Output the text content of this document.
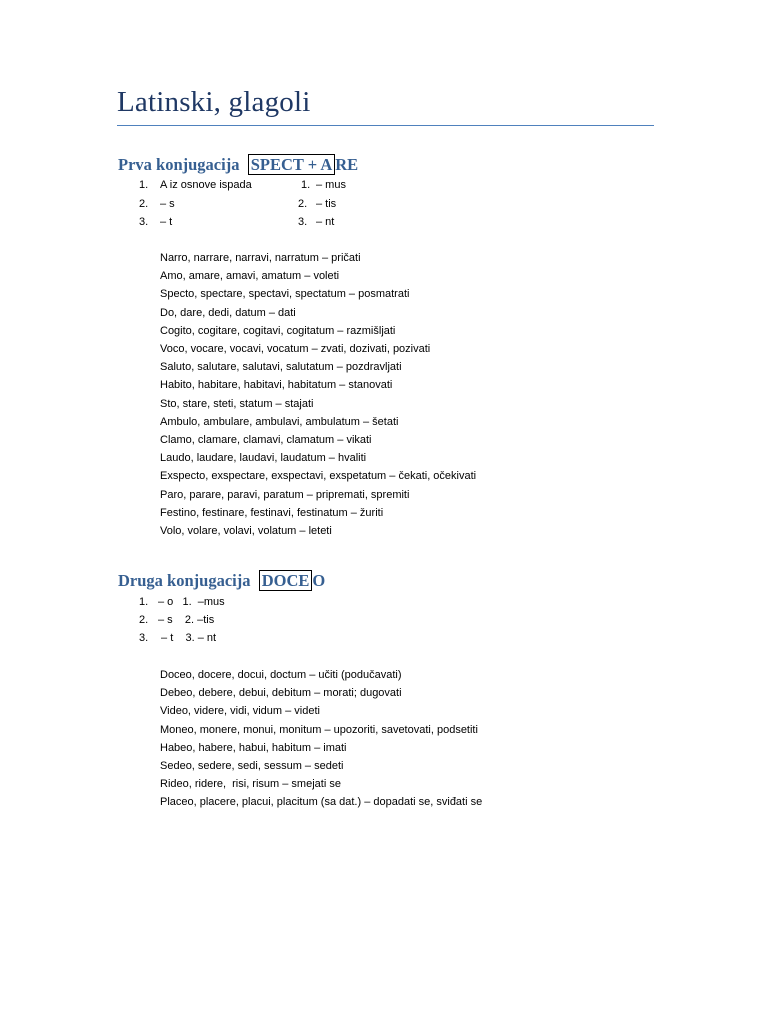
Latinski, glagoli
Prva konjugacija SPECT + A RE
1. A iz osnove ispada
2. – s
3. – t
1. – mus
2. – tis
3. – nt
Narro, narrare, narravi, narratum – pričati
Amo, amare, amavi, amatum – voleti
Specto, spectare, spectavi, spectatum – posmatrati
Do, dare, dedi, datum – dati
Cogito, cogitare, cogitavi, cogitatum – razmišljati
Voco, vocare, vocavi, vocatum – zvati, dozivati, pozivati
Saluto, salutare, salutavi, salutatum – pozdravljati
Habito, habitare, habitavi, habitatum – stanovati
Sto, stare, steti, statum – stajati
Ambulo, ambulare, ambulavi, ambulatum – šetati
Clamo, clamare, clamavi, clamatum – vikati
Laudo, laudare, laudavi, laudatum – hvaliti
Exspecto, exspectare, exspectavi, exspetatum – čekati, očekivati
Paro, parare, paravi, paratum – pripremati, spremiti
Festino, festinare, festinavi, festinatum – žuriti
Volo, volare, volavi, volatum – leteti
Druga konjugacija DOCE O
1. – o   1.  –mus
2. – s    2. –tis
3. – t    3. – nt
Doceo, docere, docui, doctum – učiti (podučavati)
Debeo, debere, debui, debitum – morati; dugovati
Video, videre, vidi, vidum – videti
Moneo, monere, monui, monitum – upozoriti, savetovati, podsetiti
Habeo, habere, habui, habitum – imati
Sedeo, sedere, sedi, sessum – sedeti
Rideo, ridere,  risi, risum – smejati se
Placeo, placere, placui, placitum (sa dat.) – dopadati se, sviđati se
